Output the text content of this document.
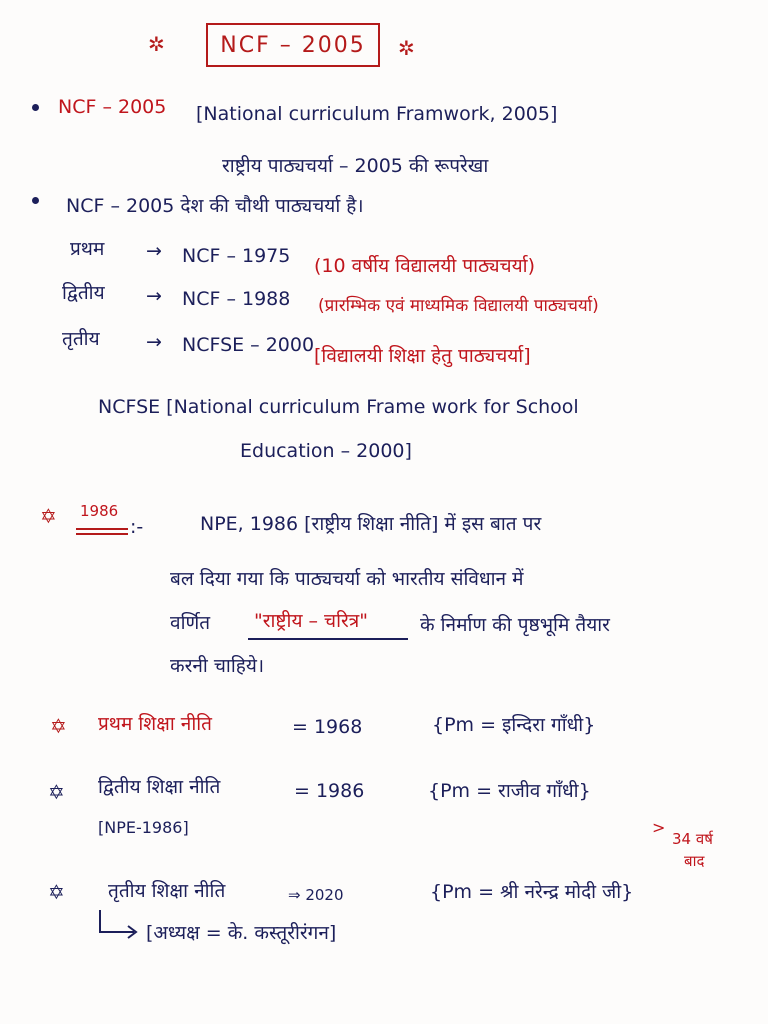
✲	NCF – 2005	✲
NCF – 2005 [National curriculum Framwork, 2005]
राष्ट्रीय पाठ्यचर्या – 2005 की रूपरेखा
NCF – 2005 देश की चौथी पाठ्यचर्या है।
प्रथम → NCF – 1975 (10 वर्षीय विद्यालयी पाठ्यचर्या)
द्वितीय → NCF – 1988 (प्रारम्भिक एवं माध्यमिक विद्यालयी पाठ्यचर्या)
तृतीय → NCFSE – 2000 [विद्यालयी शिक्षा हेतु पाठ्यचर्या]
NCFSE [National curriculum Frame work for School
Education – 2000]
✡ 1986
:-	NPE, 1986 [राष्ट्रीय शिक्षा नीति] में इस बात पर
बल दिया गया कि पाठ्यचर्या को भारतीय संविधान में
वर्णित "राष्ट्रीय – चरित्र"	के निर्माण की पृष्ठभूमि तैयार
करनी चाहिये।
✡ प्रथम शिक्षा नीति	= 1968	{Pm = इन्दिरा गाँधी}
✡ द्वितीय शिक्षा नीति	= 1986	{Pm = राजीव गाँधी}
[NPE-1986]	>
34 वर्ष
बाद
✡ तृतीय शिक्षा नीति	⇒ 2020	{Pm = श्री नरेन्द्र मोदी जी}
[अध्यक्ष = के. कस्तूरीरंगन]
